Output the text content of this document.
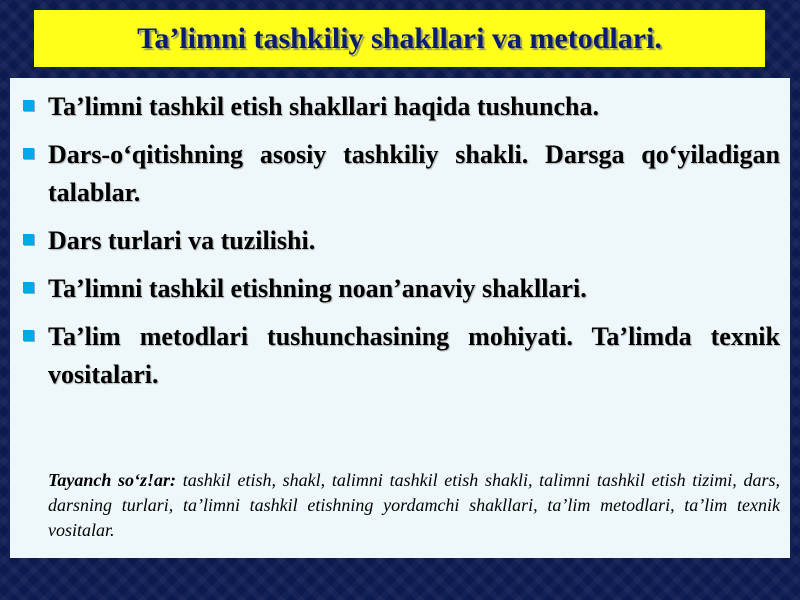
Ta’limni tashkiliy shakllari va metodlari.
Ta’limni tashkil etish shakllari haqida tushuncha.
Dars-o‘qitishning asosiy tashkiliy shakli. Darsga qo‘yiladigan talablar.
Dars turlari va tuzilishi.
Ta’limni tashkil etishning noan’anaviy shakllari.
Ta’lim metodlari tushunchasining mohiyati. Ta’limda texnik vositalari.

Tayanch so‘z!ar: tashkil etish, shakl, talimni tashkil etish shakli, talimni tashkil etish tizimi, dars, darsning turlari, ta’limni tashkil etishning yordamchi shakllari, ta’lim metodlari, ta’lim texnik vositalar.
